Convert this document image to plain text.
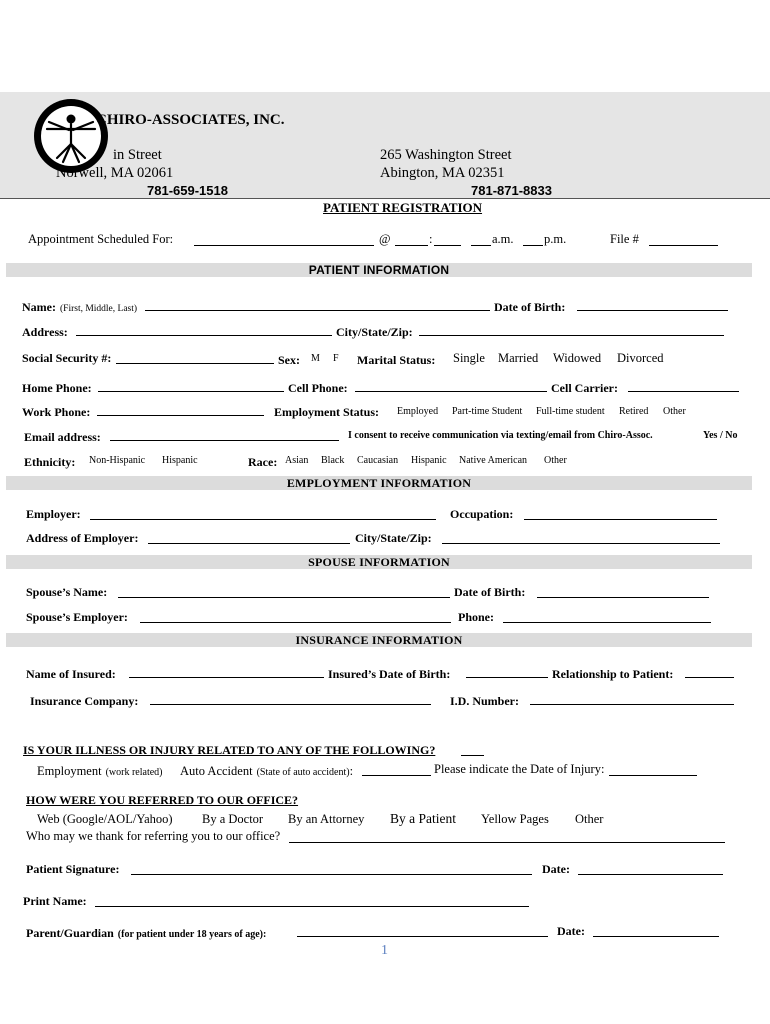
CHIRO-ASSOCIATES, INC.
in Street
Norwell, MA 02061
781-659-1518
265 Washington Street
Abington, MA 02351
781-871-8833
PATIENT REGISTRATION
Appointment Scheduled For:	@	:	a.m. p.m.	File #
PATIENT INFORMATION
Name: (First, Middle, Last)	Date of Birth:
Address:	City/State/Zip:
Social Security #:	Sex: M F Marital Status: Single Married Widowed Divorced
Home Phone:	Cell Phone:	Cell Carrier:
Work Phone:	Employment Status: Employed Part-time Student Full-time student Retired Other
Email address:	I consent to receive communication via texting/email from Chiro-Assoc.	Yes / No
Ethnicity: Non-Hispanic Hispanic	Race: Asian Black Caucasian Hispanic Native American Other
EMPLOYMENT INFORMATION
Employer:	Occupation:
Address of Employer:	City/State/Zip:
SPOUSE INFORMATION
Spouse’s Name:	Date of Birth:
Spouse’s Employer:	Phone:
INSURANCE INFORMATION
Name of Insured:	Insured’s Date of Birth:	Relationship to Patient:
Insurance Company:	I.D. Number:
IS YOUR ILLNESS OR INJURY RELATED TO ANY OF THE FOLLOWING?
Employment (work related) Auto Accident (State of auto accident):	Please indicate the Date of Injury:
HOW WERE YOU REFERRED TO OUR OFFICE?
Web (Google/AOL/Yahoo) By a Doctor By an Attorney By a Patient Yellow Pages Other
Who may we thank for referring you to our office?
Patient Signature:	Date:
Print Name:
Parent/Guardian (for patient under 18 years of age):	Date:
1
